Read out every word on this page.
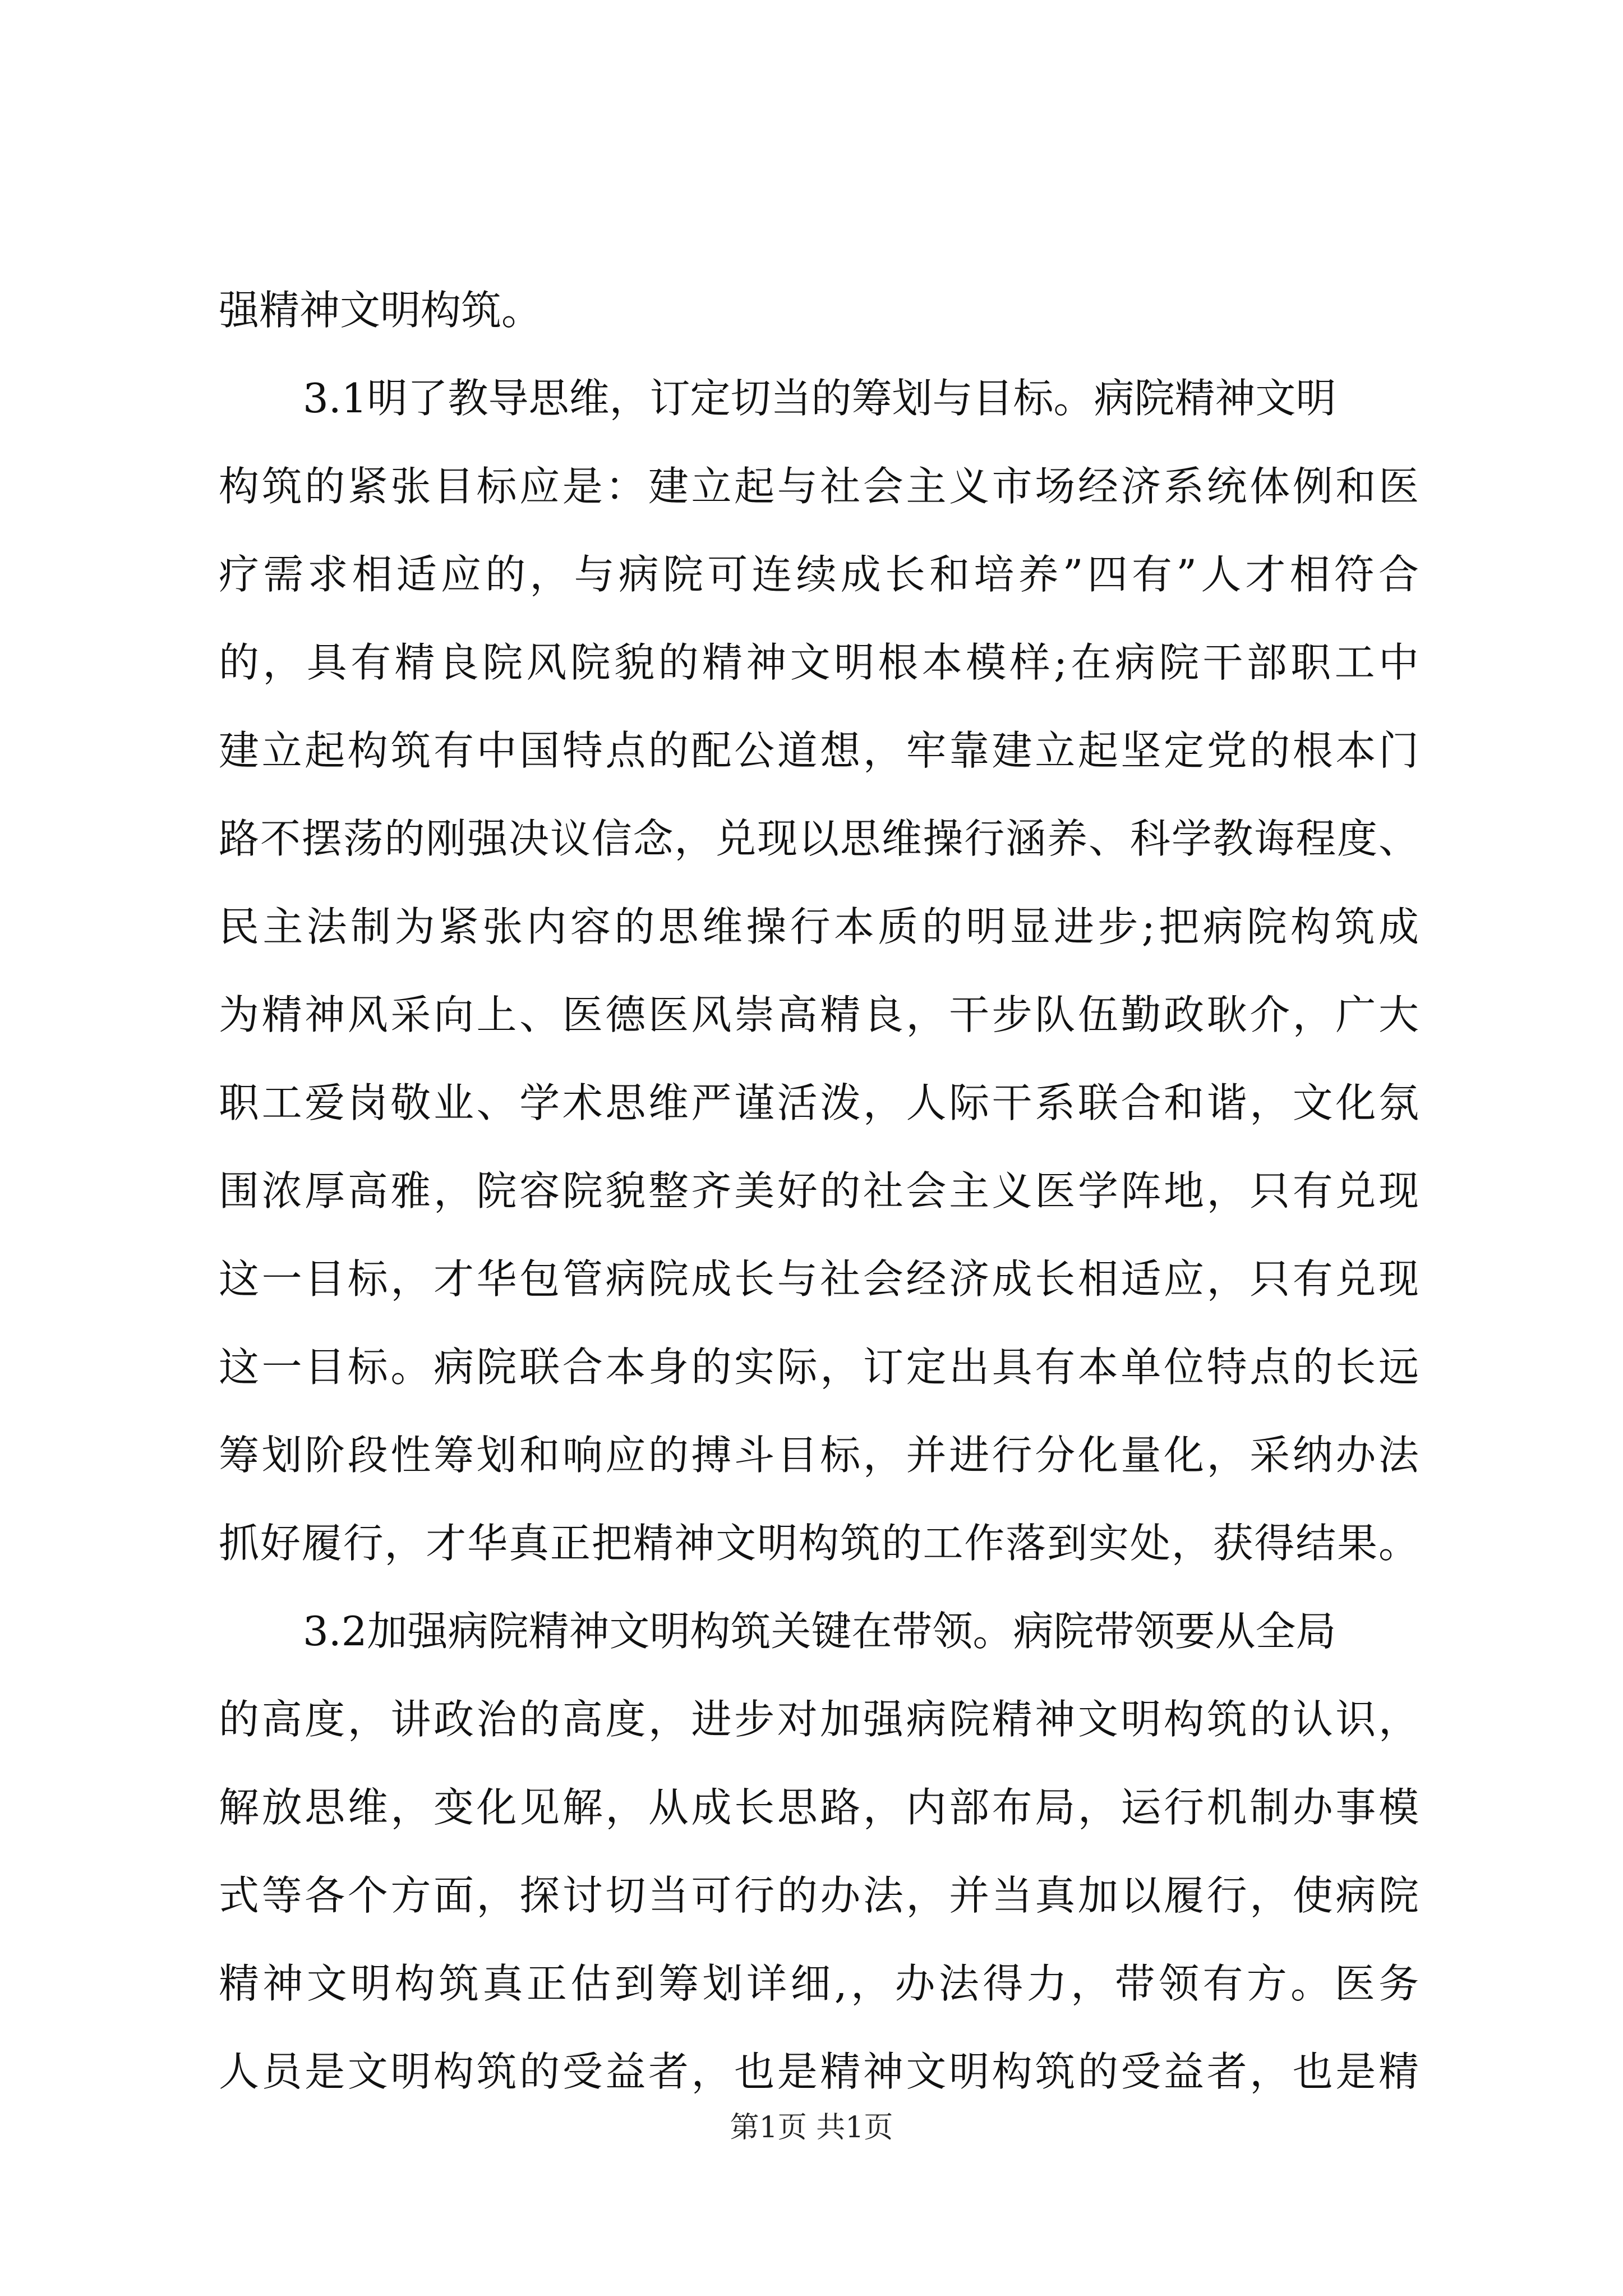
强精神文明构筑。
3.1明了教导思维，订定切当的筹划与目标。病院精神文明
构筑的紧张目标应是：建立起与社会主义市场经济系统体例和医
疗需求相适应的，与病院可连续成长和培养”四有”人才相符合
的，具有精良院风院貌的精神文明根本模样;在病院干部职工中
建立起构筑有中国特点的配公道想，牢靠建立起坚定党的根本门
路不摆荡的刚强决议信念，兑现以思维操行涵养、科学教诲程度、
民主法制为紧张内容的思维操行本质的明显进步;把病院构筑成
为精神风采向上、医德医风崇高精良，干步队伍勤政耿介，广大
职工爱岗敬业、学术思维严谨活泼，人际干系联合和谐，文化氛
围浓厚高雅，院容院貌整齐美好的社会主义医学阵地，只有兑现
这一目标，才华包管病院成长与社会经济成长相适应，只有兑现
这一目标。病院联合本身的实际，订定出具有本单位特点的长远
筹划阶段性筹划和响应的搏斗目标，并进行分化量化，采纳办法
抓好履行，才华真正把精神文明构筑的工作落到实处，获得结果。
3.2加强病院精神文明构筑关键在带领。病院带领要从全局
的高度，讲政治的高度，进步对加强病院精神文明构筑的认识，
解放思维，变化见解，从成长思路，内部布局，运行机制办事模
式等各个方面，探讨切当可行的办法，并当真加以履行，使病院
精神文明构筑真正估到筹划详细,，办法得力，带领有方。医务
人员是文明构筑的受益者，也是精神文明构筑的受益者，也是精
第1页 共1页
